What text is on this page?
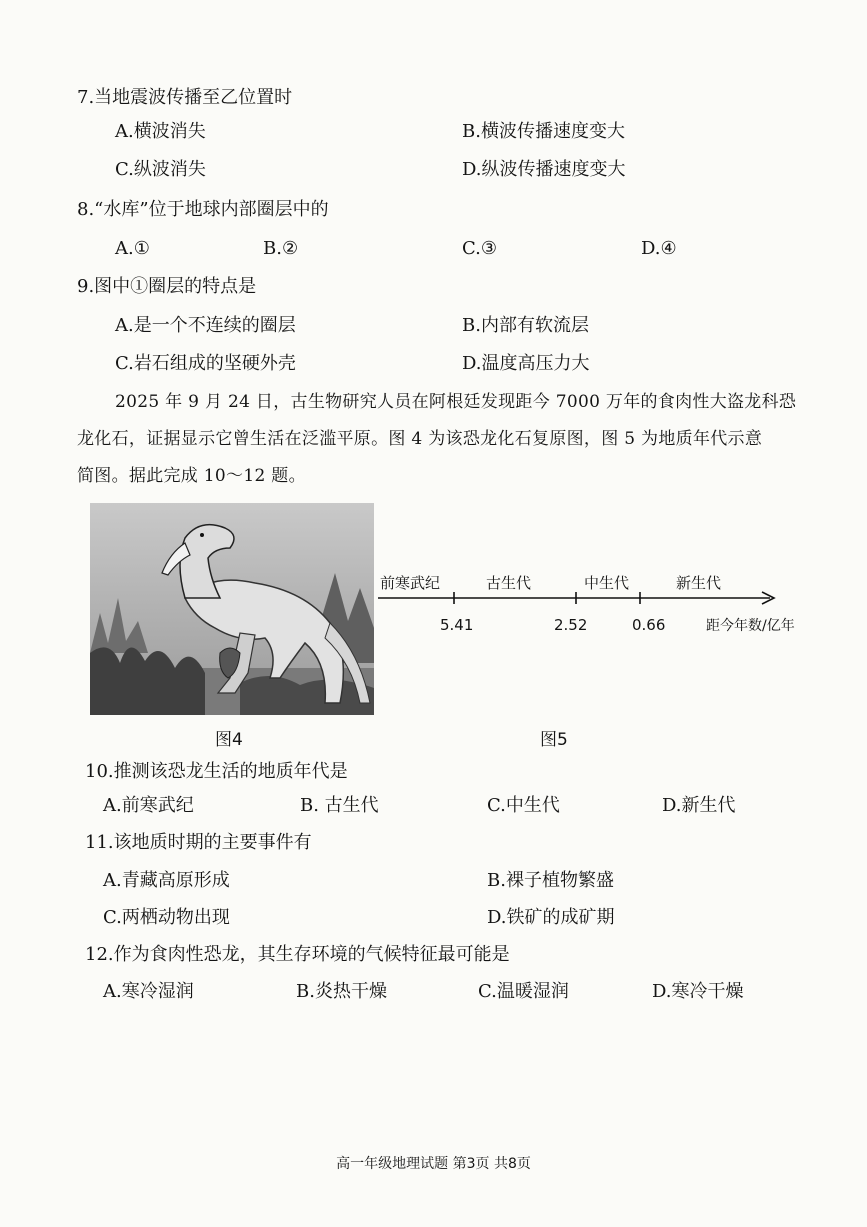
7.当地震波传播至乙位置时
A.横波消失	B.横波传播速度变大
C.纵波消失	D.纵波传播速度变大
8.“水库”位于地球内部圈层中的
A.①	B.②	C.③	D.④
9.图中①圈层的特点是
A.是一个不连续的圈层	B.内部有软流层
C.岩石组成的坚硬外壳	D.温度高压力大
2025 年 9 月 24 日，古生物研究人员在阿根廷发现距今 7000 万年的食肉性大盗龙科恐
龙化石，证据显示它曾生活在泛滥平原。图 4 为该恐龙化石复原图，图 5 为地质年代示意
简图。据此完成 10～12 题。
图4
前寒武纪	古生代	中生代	新生代
5.41	2.52	0.66	距今年数/亿年
图5
10.推测该恐龙生活的地质年代是
A.前寒武纪	B. 古生代	C.中生代	D.新生代
11.该地质时期的主要事件有
A.青藏高原形成	B.裸子植物繁盛
C.两栖动物出现	D.铁矿的成矿期
12.作为食肉性恐龙，其生存环境的气候特征最可能是
A.寒冷湿润	B.炎热干燥	C.温暖湿润	D.寒冷干燥
高一年级地理试题 第3页 共8页
